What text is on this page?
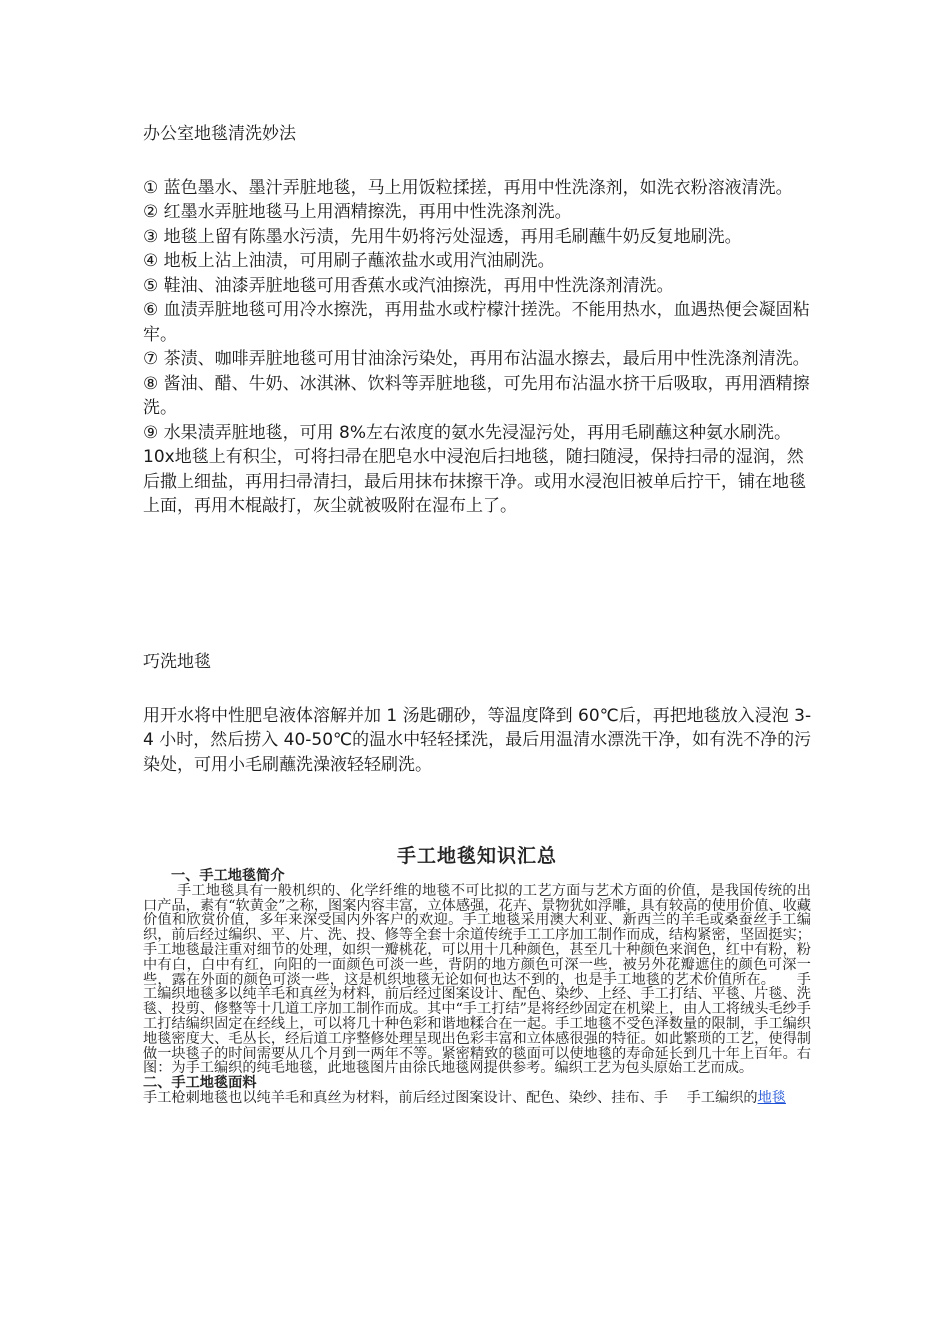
办公室地毯清洗妙法

① 蓝色墨水、墨汁弄脏地毯，马上用饭粒揉搓，再用中性洗涤剂，如洗衣粉溶液清洗。

② 红墨水弄脏地毯马上用酒精擦洗，再用中性洗涤剂洗。

③ 地毯上留有陈墨水污渍，先用牛奶将污处湿透，再用毛刷蘸牛奶反复地刷洗。

④ 地板上沾上油渍，可用刷子蘸浓盐水或用汽油刷洗。

⑤ 鞋油、油漆弄脏地毯可用香蕉水或汽油擦洗，再用中性洗涤剂清洗。

⑥ 血渍弄脏地毯可用冷水擦洗，再用盐水或柠檬汁搓洗。不能用热水，血遇热便会凝固粘牢。

⑦ 茶渍、咖啡弄脏地毯可用甘油涂污染处，再用布沾温水擦去，最后用中性洗涤剂清洗。

⑧ 酱油、醋、牛奶、冰淇淋、饮料等弄脏地毯，可先用布沾温水挤干后吸取，再用酒精擦洗。

⑨ 水果渍弄脏地毯，可用 8%左右浓度的氨水先浸湿污处，再用毛刷蘸这种氨水刷洗。

10ⅹ地毯上有积尘，可将扫帚在肥皂水中浸泡后扫地毯，随扫随浸，保持扫帚的湿润，然后撒上细盐，再用扫帚清扫，最后用抹布抹擦干净。或用水浸泡旧被单后拧干，铺在地毯上面，再用木棍敲打，灰尘就被吸附在湿布上了。

巧洗地毯

用开水将中性肥皂液体溶解并加 1 汤匙硼砂，等温度降到 60℃后，再把地毯放入浸泡 3-4 小时，然后捞入 40-50℃的温水中轻轻揉洗，最后用温清水漂洗干净，如有洗不净的污染处，可用小毛刷蘸洗澡液轻轻刷洗。

手工地毯知识汇总

一、手工地毯简介

手工地毯具有一般机织的、化学纤维的地毯不可比拟的工艺方面与艺术方面的价值，是我国传统的出口产品，素有“软黄金”之称，图案内容丰富，立体感强，花卉、景物犹如浮雕，具有较高的使用价值、收藏价值和欣赏价值，多年来深受国内外客户的欢迎。手工地毯采用澳大利亚、新西兰的羊毛或桑蚕丝手工编织，前后经过编织、平、片、洗、投、修等全套十余道传统手工工序加工制作而成，结构紧密，坚固挺实；手工地毯最注重对细节的处理，如织一瓣桃花，可以用十几种颜色，甚至几十种颜色来润色，红中有粉，粉中有白，白中有红，向阳的一面颜色可淡一些，背阴的地方颜色可深一些，被另外花瓣遮住的颜色可深一些，露在外面的颜色可淡一些，这是机织地毯无论如何也达不到的，也是手工地毯的艺术价值所在。　　手工编织地毯多以纯羊毛和真丝为材料，前后经过图案设计、配色、染纱、上经、手工打结、平毯、片毯、洗毯、投剪、修整等十几道工序加工制作而成。其中“手工打结”是将经纱固定在机梁上，由人工将绒头毛纱手工打结编织固定在经线上，可以将几十种色彩和谐地糅合在一起。手工地毯不受色泽数量的限制，手工编织地毯密度大、毛丛长，经后道工序整修处理呈现出色彩丰富和立体感很强的特征。如此繁琐的工艺，使得制做一块毯子的时间需要从几个月到一两年不等。紧密精致的毯面可以使地毯的寿命延长到几十年上百年。右图：为手工编织的纯毛地毯，此地毯图片由徐氏地毯网提供参考。编织工艺为包头原始工艺而成。

二、手工地毯面料

手工枪刺地毯也以纯羊毛和真丝为材料，前后经过图案设计、配色、染纱、挂布、手　 手工编织的地毯
